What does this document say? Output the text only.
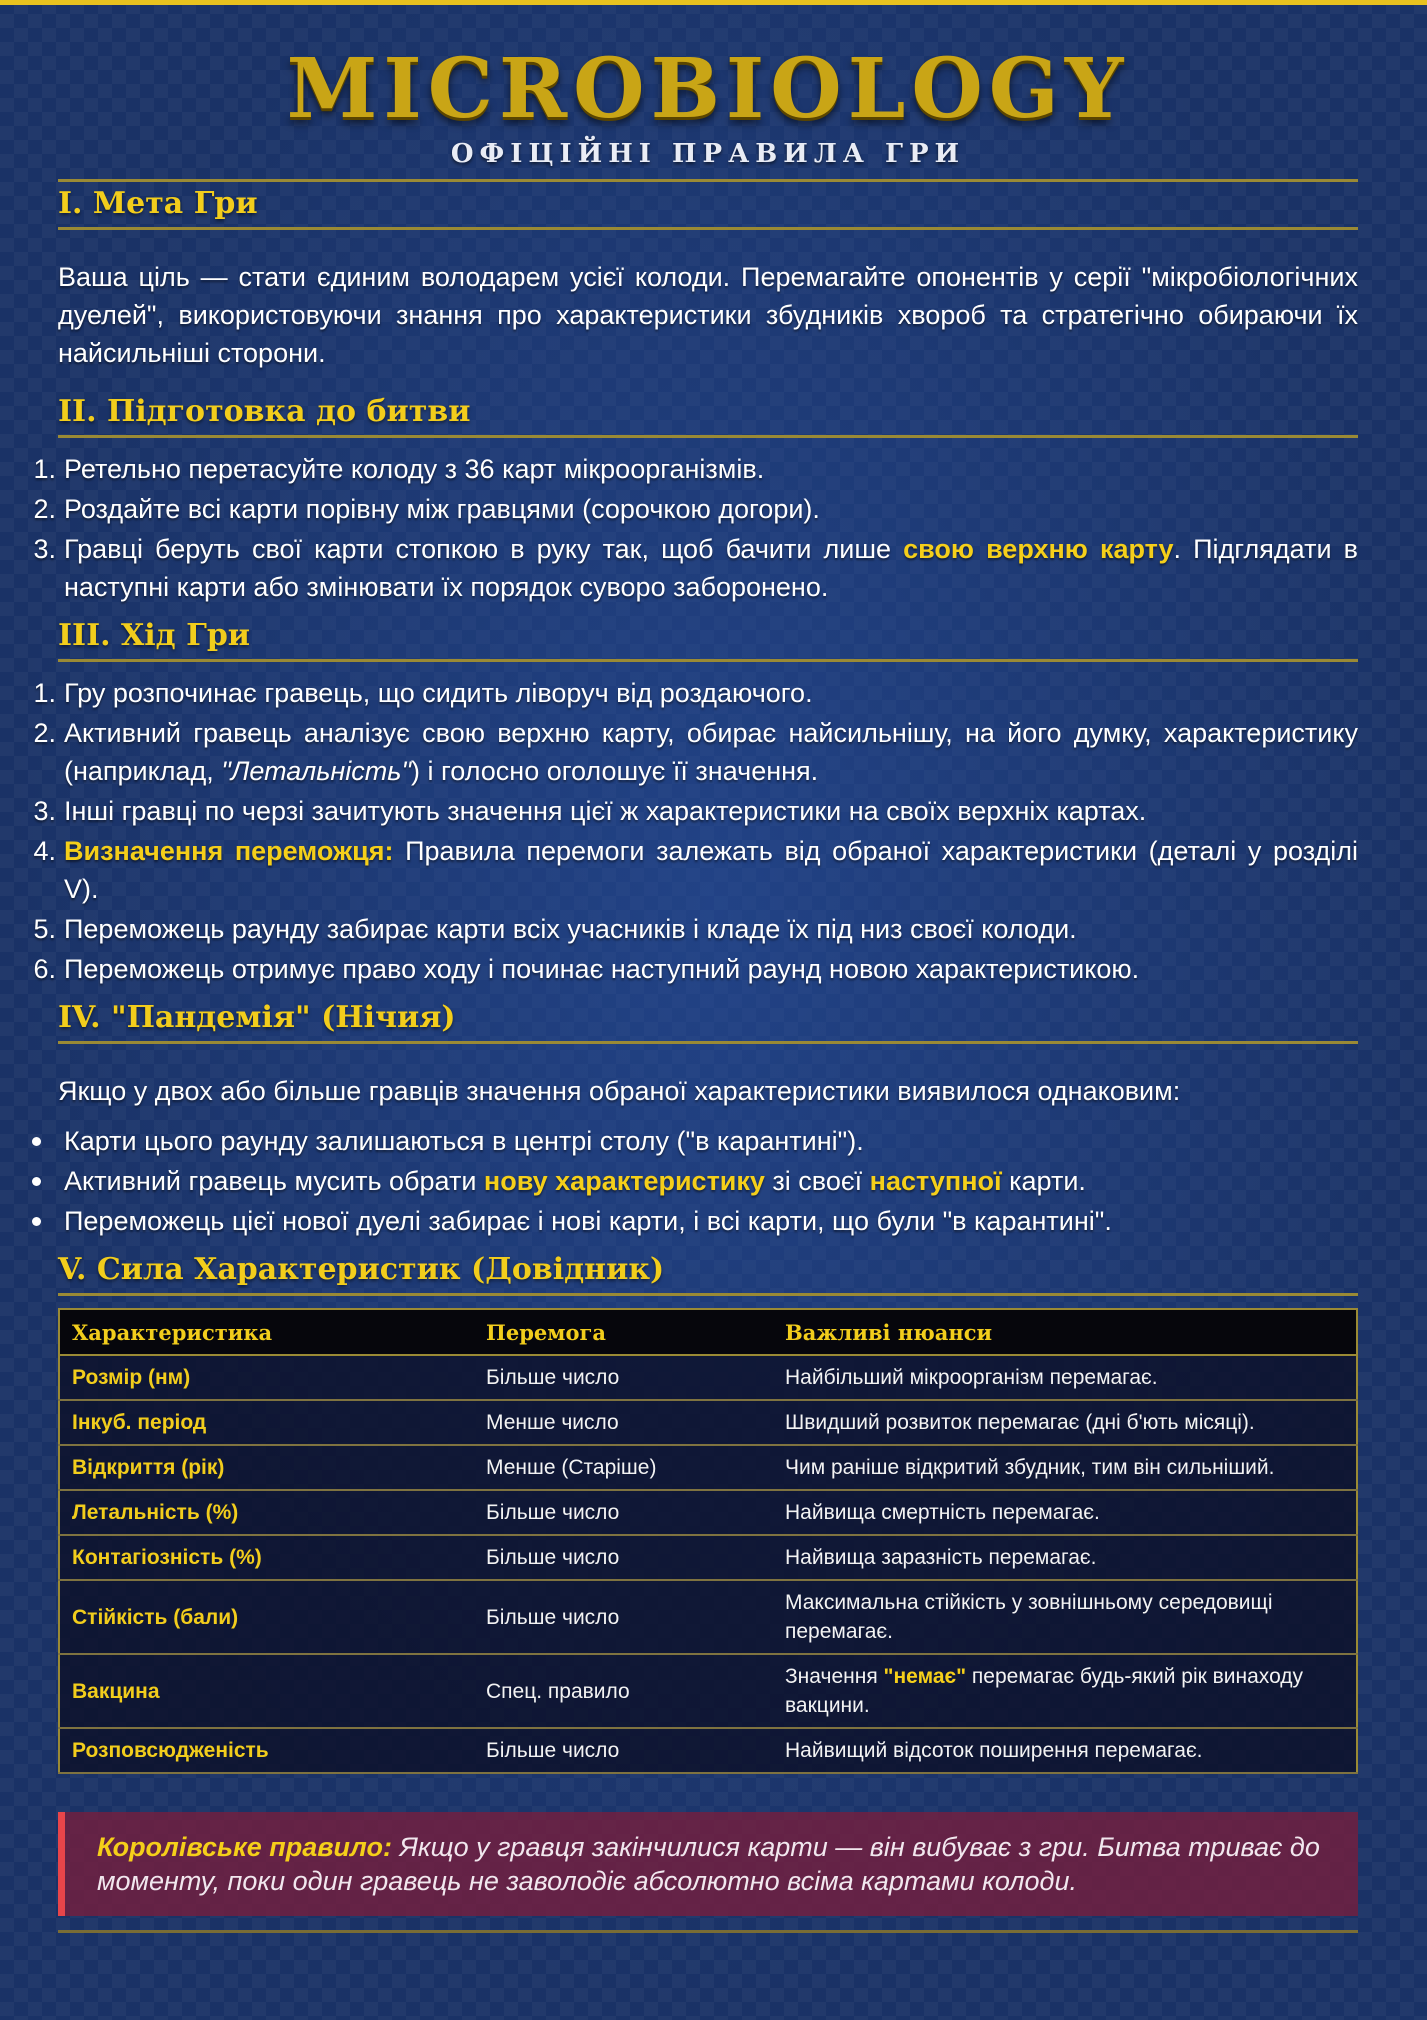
MICROBIOLOGY
ОФІЦІЙНІ ПРАВИЛА ГРИ
I. Мета Гри

Ваша ціль — стати єдиним володарем усієї колоди. Перемагайте опонентів у серії "мікробіологічних дуелей", використовуючи знання про характеристики збудників хвороб та стратегічно обираючи їх найсильніші сторони.

II. Підготовка до битви
1. Ретельно перетасуйте колоду з 36 карт мікроорганізмів.
2. Роздайте всі карти порівну між гравцями (сорочкою догори).
3. Гравці беруть свої карти стопкою в руку так, щоб бачити лише свою верхню карту. Підглядати в наступні карти або змінювати їх порядок суворо заборонено.
III. Хід Гри
1. Гру розпочинає гравець, що сидить ліворуч від роздаючого.
2. Активний гравець аналізує свою верхню карту, обирає найсильнішу, на його думку, характеристику (наприклад, "Летальність") і голосно оголошує її значення.
3. Інші гравці по черзі зачитують значення цієї ж характеристики на своїх верхніх картах.
4. Визначення переможця: Правила перемоги залежать від обраної характеристики (деталі у розділі V).
5. Переможець раунду забирає карти всіх учасників і кладе їх під низ своєї колоди.
6. Переможець отримує право ходу і починає наступний раунд новою характеристикою.
IV. "Пандемія" (Нічия)

Якщо у двох або більше гравців значення обраної характеристики виявилося однаковим:

Карти цього раунду залишаються в центрі столу ("в карантині").
Активний гравець мусить обрати нову характеристику зі своєї наступної карти.
Переможець цієї нової дуелі забирає і нові карти, і всі карти, що були "в карантині".
V. Сила Характеристик (Довідник)
Характеристика	Перемога	Важливі нюанси
Розмір (нм)	Більше число	Найбільший мікроорганізм перемагає.
Інкуб. період	Менше число	Швидший розвиток перемагає (дні б'ють місяці).
Відкриття (рік)	Менше (Старіше)	Чим раніше відкритий збудник, тим він сильніший.
Летальність (%)	Більше число	Найвища смертність перемагає.
Контагіозність (%)	Більше число	Найвища заразність перемагає.
Стійкість (бали)	Більше число	Максимальна стійкість у зовнішньому середовищі перемагає.
Вакцина	Спец. правило	Значення "немає" перемагає будь-який рік винаходу вакцини.
Розповсюдженість	Більше число	Найвищий відсоток поширення перемагає.
Королівське правило: Якщо у гравця закінчилися карти — він вибуває з гри. Битва триває до моменту, поки один гравець не заволодіє абсолютно всіма картами колоди.
